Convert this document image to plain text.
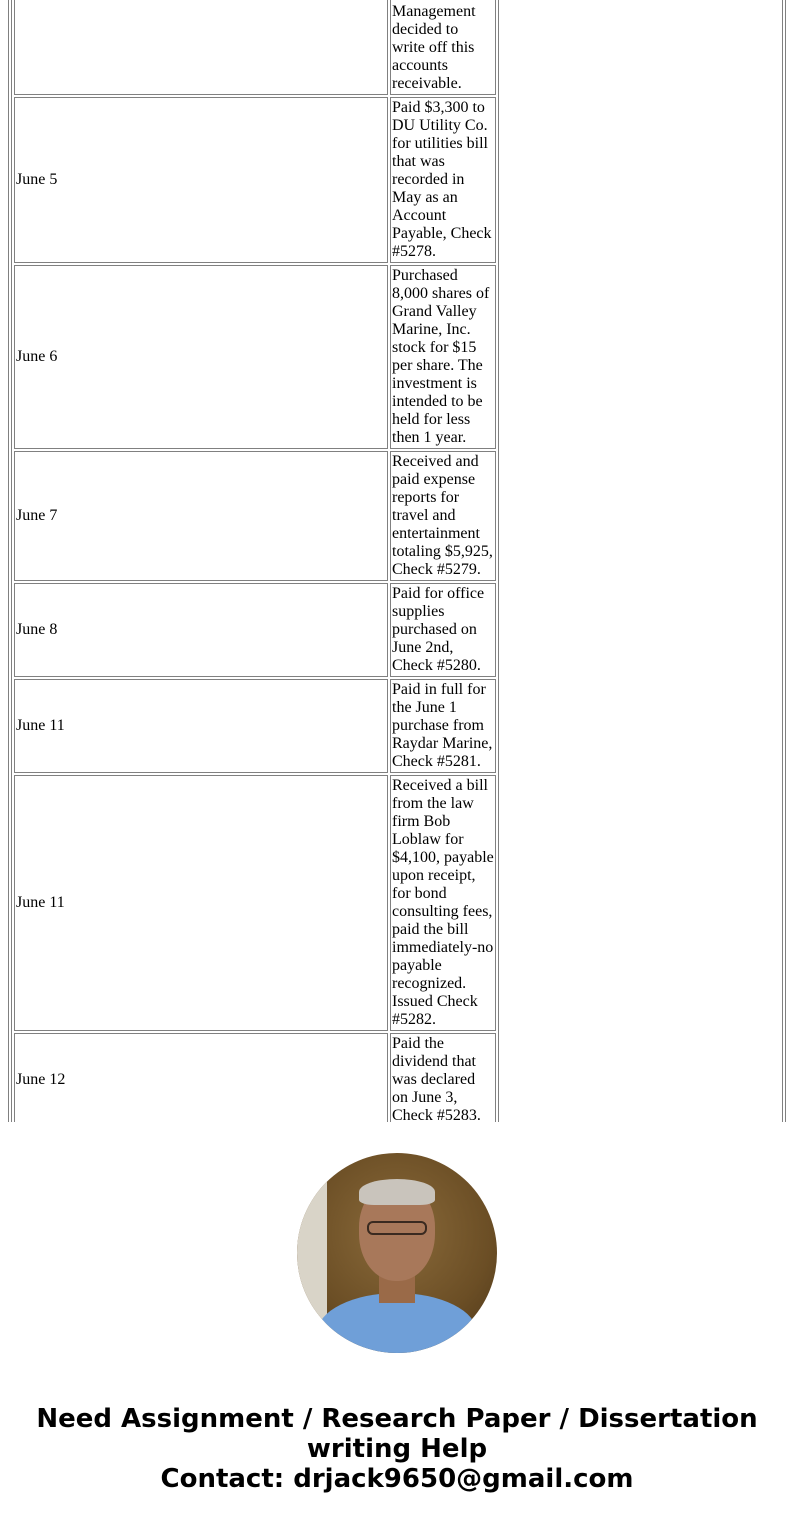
	Management decided to write off this accounts receivable.

June 5	Paid $3,300 to DU Utility Co. for utilities bill that was recorded in May as an Account Payable, Check #5278.

June 6	Purchased 8,000 shares of Grand Valley Marine, Inc. stock for $15 per share. The investment is intended to be held for less then 1 year.

June 7	Received and paid expense reports for travel and entertainment totaling $5,925, Check #5279.

June 8	Paid for office supplies purchased on June 2nd, Check #5280.

June 11	Paid in full for the June 1 purchase from Raydar Marine, Check #5281.

June 11	Received a bill from the law firm Bob Loblaw for $4,100, payable upon receipt, for bond consulting fees, paid the bill immediately-no payable recognized. Issued Check #5282.

June 12	Paid the dividend that was declared on June 3, Check #5283.
Need Assignment / Research Paper / Dissertation writing Help
Contact: drjack9650@gmail.com
